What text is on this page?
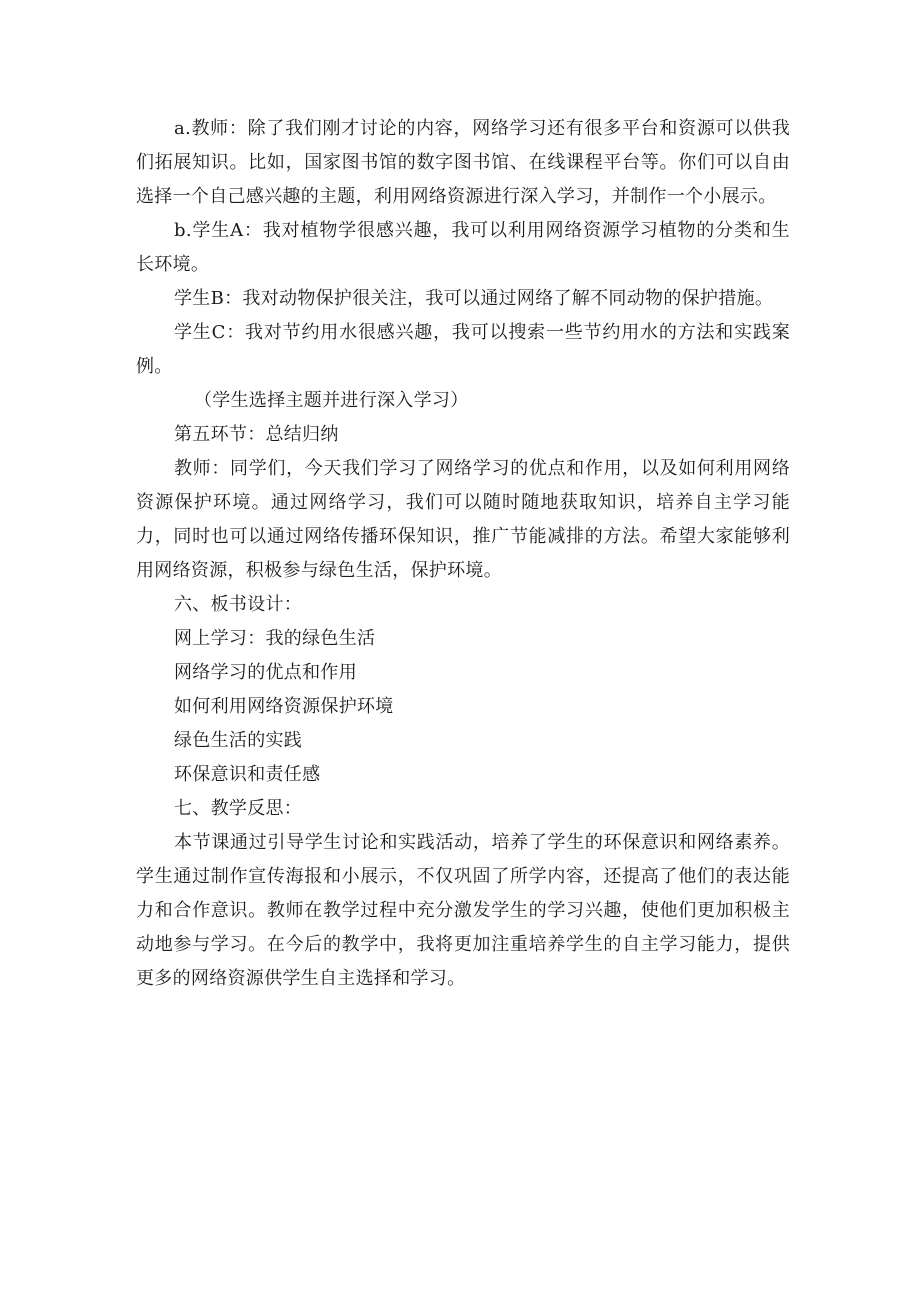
a.教师：除了我们刚才讨论的内容，网络学习还有很多平台和资源可以供我们拓展知识。比如，国家图书馆的数字图书馆、在线课程平台等。你们可以自由选择一个自己感兴趣的主题，利用网络资源进行深入学习，并制作一个小展示。

b.学生A：我对植物学很感兴趣，我可以利用网络资源学习植物的分类和生长环境。

学生B：我对动物保护很关注，我可以通过网络了解不同动物的保护措施。

学生C：我对节约用水很感兴趣，我可以搜索一些节约用水的方法和实践案例。

（学生选择主题并进行深入学习）

第五环节：总结归纳

教师：同学们，今天我们学习了网络学习的优点和作用，以及如何利用网络资源保护环境。通过网络学习，我们可以随时随地获取知识，培养自主学习能力，同时也可以通过网络传播环保知识，推广节能减排的方法。希望大家能够利用网络资源，积极参与绿色生活，保护环境。

六、板书设计：

网上学习：我的绿色生活

网络学习的优点和作用

如何利用网络资源保护环境

绿色生活的实践

环保意识和责任感

七、教学反思：

本节课通过引导学生讨论和实践活动，培养了学生的环保意识和网络素养。学生通过制作宣传海报和小展示，不仅巩固了所学内容，还提高了他们的表达能力和合作意识。教师在教学过程中充分激发学生的学习兴趣，使他们更加积极主动地参与学习。在今后的教学中，我将更加注重培养学生的自主学习能力，提供更多的网络资源供学生自主选择和学习。
